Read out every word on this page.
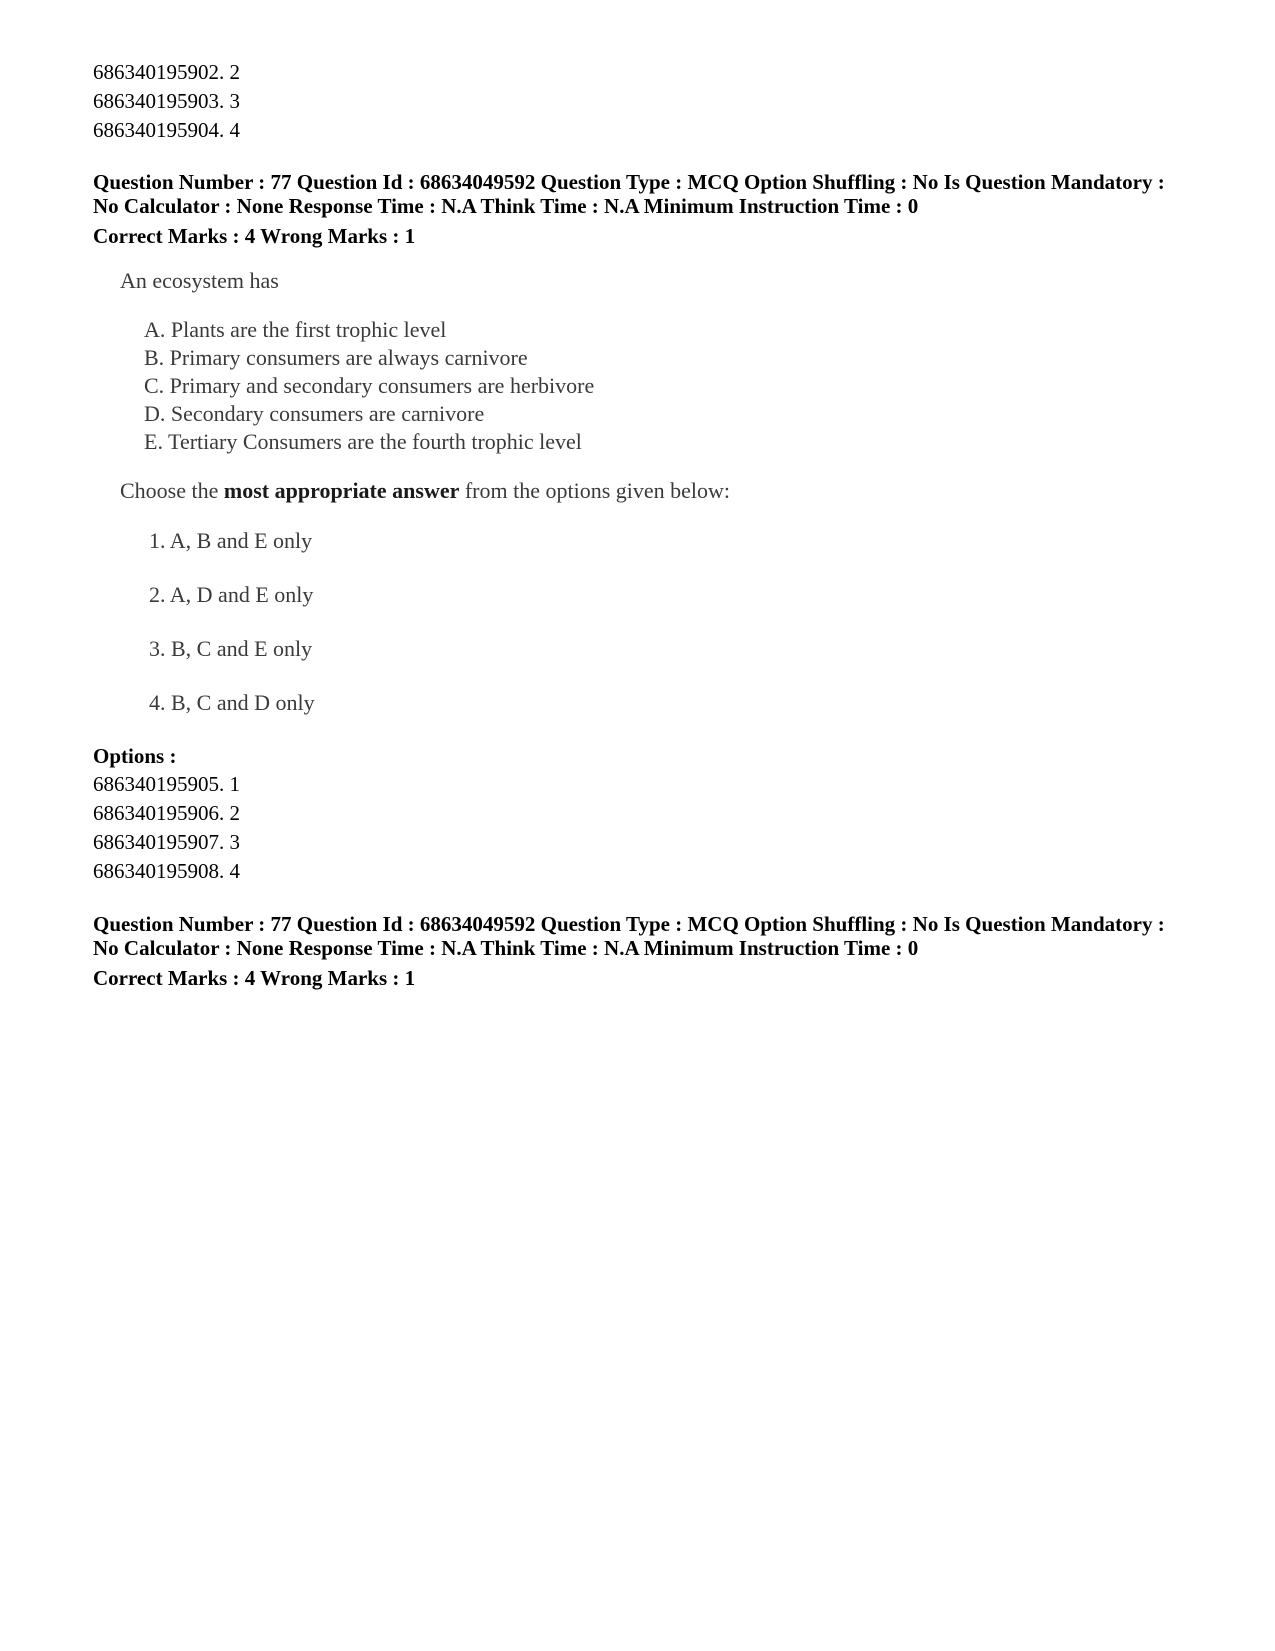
686340195902. 2
686340195903. 3
686340195904. 4
Question Number : 77 Question Id : 68634049592 Question Type : MCQ Option Shuffling : No Is Question Mandatory :
No Calculator : None Response Time : N.A Think Time : N.A Minimum Instruction Time : 0
Correct Marks : 4 Wrong Marks : 1
An ecosystem has
A. Plants are the first trophic level
B. Primary consumers are always carnivore
C. Primary and secondary consumers are herbivore
D. Secondary consumers are carnivore
E. Tertiary Consumers are the fourth trophic level
Choose the most appropriate answer from the options given below:
1. A, B and E only
2. A, D and E only
3. B, C and E only
4. B, C and D only
Options :
686340195905. 1
686340195906. 2
686340195907. 3
686340195908. 4
Question Number : 77 Question Id : 68634049592 Question Type : MCQ Option Shuffling : No Is Question Mandatory :
No Calculator : None Response Time : N.A Think Time : N.A Minimum Instruction Time : 0
Correct Marks : 4 Wrong Marks : 1
